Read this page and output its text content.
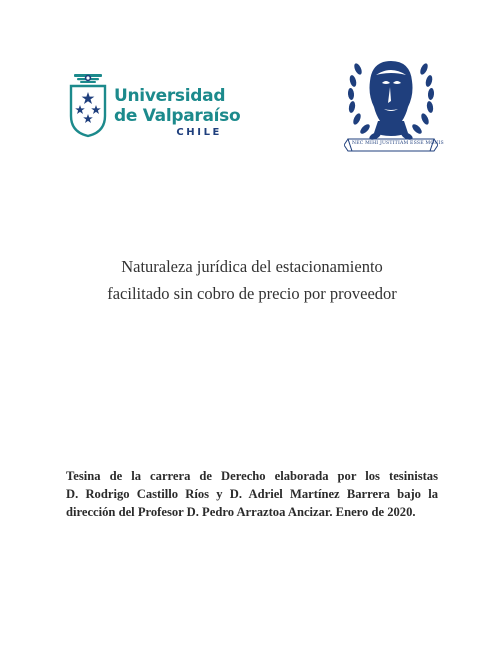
Universidad
de Valparaíso
CHILE
NEC MIHI JUSTITIAM ESSE MONIS
Naturaleza jurídica del estacionamiento
facilitado sin cobro de precio por proveedor
Tesina de la carrera de Derecho elaborada por los tesinistas
D. Rodrigo Castillo Ríos y D. Adriel Martínez Barrera bajo la
dirección del Profesor D. Pedro Arraztoa Ancizar. Enero de 2020.
